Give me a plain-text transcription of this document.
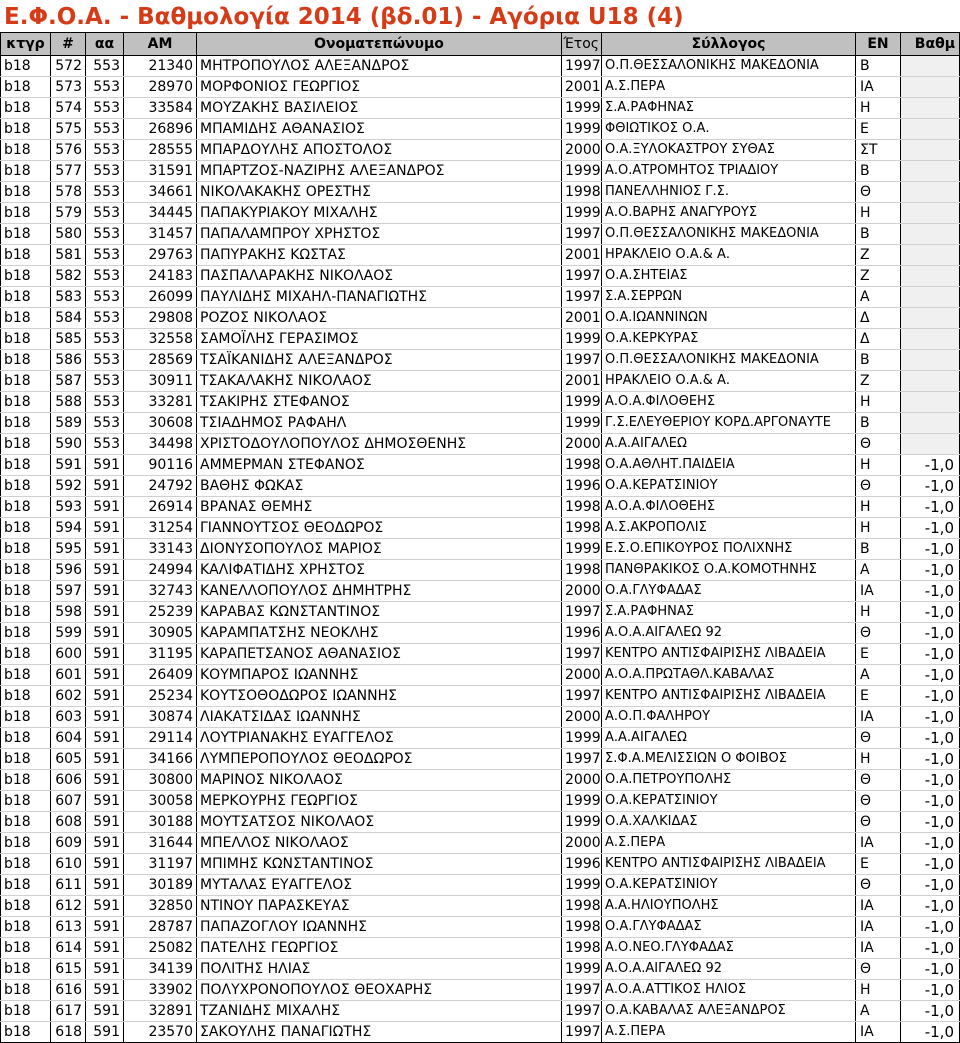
Ε.Φ.Ο.Α. - Βαθμολογία 2014 (βδ.01) - Αγόρια U18 (4)
κτγρ	#	αα	ΑΜ	Ονοματεπώνυμο	Έτος	Σύλλογος	ΕΝ	Βαθμ
b18	572	553	21340	ΜΗΤΡΟΠΟΥΛΟΣ ΑΛΕΞΑΝΔΡΟΣ	1997	Ο.Π.ΘΕΣΣΑΛΟΝΙΚΗΣ ΜΑΚΕΔΟΝΙΑ	Β	
b18	573	553	28970	ΜΟΡΦΟΝΙΟΣ ΓΕΩΡΓΙΟΣ	2001	Α.Σ.ΠΕΡΑ	ΙΑ	
b18	574	553	33584	ΜΟΥΖΑΚΗΣ ΒΑΣΙΛΕΙΟΣ	1999	Σ.Α.ΡΑΦΗΝΑΣ	Η	
b18	575	553	26896	ΜΠΑΜΙΔΗΣ ΑΘΑΝΑΣΙΟΣ	1999	ΦΘΙΩΤΙΚΟΣ Ο.Α.	Ε	
b18	576	553	28555	ΜΠΑΡΔΟΥΛΗΣ ΑΠΟΣΤΟΛΟΣ	2000	Ο.Α.ΞΥΛΟΚΑΣΤΡΟΥ ΣΥΘΑΣ	ΣΤ	
b18	577	553	31591	ΜΠΑΡΤΖΟΣ-ΝΑΖΙΡΗΣ ΑΛΕΞΑΝΔΡΟΣ	1999	Α.Ο.ΑΤΡΟΜΗΤΟΣ ΤΡΙΑΔΙΟΥ	Β	
b18	578	553	34661	ΝΙΚΟΛΑΚΑΚΗΣ ΟΡΕΣΤΗΣ	1998	ΠΑΝΕΛΛΗΝΙΟΣ Γ.Σ.	Θ	
b18	579	553	34445	ΠΑΠΑΚΥΡΙΑΚΟΥ ΜΙΧΑΛΗΣ	1999	Α.Ο.ΒΑΡΗΣ ΑΝΑΓΥΡΟΥΣ	Η	
b18	580	553	31457	ΠΑΠΑΛΑΜΠΡΟΥ ΧΡΗΣΤΟΣ	1997	Ο.Π.ΘΕΣΣΑΛΟΝΙΚΗΣ ΜΑΚΕΔΟΝΙΑ	Β	
b18	581	553	29763	ΠΑΠΥΡΑΚΗΣ ΚΩΣΤΑΣ	2001	ΗΡΑΚΛΕΙΟ Ο.Α.& Α.	Ζ	
b18	582	553	24183	ΠΑΣΠΑΛΑΡΑΚΗΣ ΝΙΚΟΛΑΟΣ	1997	Ο.Α.ΣΗΤΕΙΑΣ	Ζ	
b18	583	553	26099	ΠΑΥΛΙΔΗΣ ΜΙΧΑΗΛ-ΠΑΝΑΓΙΩΤΗΣ	1997	Σ.Α.ΣΕΡΡΩΝ	Α	
b18	584	553	29808	ΡΟΖΟΣ ΝΙΚΟΛΑΟΣ	2001	Ο.Α.ΙΩΑΝΝΙΝΩΝ	Δ	
b18	585	553	32558	ΣΑΜΟΪΛΗΣ ΓΕΡΑΣΙΜΟΣ	1999	Ο.Α.ΚΕΡΚΥΡΑΣ	Δ	
b18	586	553	28569	ΤΣΑΪΚΑΝΙΔΗΣ ΑΛΕΞΑΝΔΡΟΣ	1997	Ο.Π.ΘΕΣΣΑΛΟΝΙΚΗΣ ΜΑΚΕΔΟΝΙΑ	Β	
b18	587	553	30911	ΤΣΑΚΑΛΑΚΗΣ ΝΙΚΟΛΑΟΣ	2001	ΗΡΑΚΛΕΙΟ Ο.Α.& Α.	Ζ	
b18	588	553	33281	ΤΣΑΚΙΡΗΣ ΣΤΕΦΑΝΟΣ	1999	Α.Ο.Α.ΦΙΛΟΘΕΗΣ	Η	
b18	589	553	30608	ΤΣΙΑΔΗΜΟΣ ΡΑΦΑΗΛ	1999	Γ.Σ.ΕΛΕΥΘΕΡΙΟΥ ΚΟΡΔ.ΑΡΓΟΝΑΥΤΕ	Β	
b18	590	553	34498	ΧΡΙΣΤΟΔΟΥΛΟΠΟΥΛΟΣ ΔΗΜΟΣΘΕΝΗΣ	2000	Α.Α.ΑΙΓΑΛΕΩ	Θ	
b18	591	591	90116	ΑΜΜΕΡΜΑΝ ΣΤΕΦΑΝΟΣ	1998	Ο.Α.ΑΘΛΗΤ.ΠΑΙΔΕΙΑ	Η	-1,0
b18	592	591	24792	ΒΑΘΗΣ ΦΩΚΑΣ	1996	Ο.Α.ΚΕΡΑΤΣΙΝΙΟΥ	Θ	-1,0
b18	593	591	26914	ΒΡΑΝΑΣ ΘΕΜΗΣ	1998	Α.Ο.Α.ΦΙΛΟΘΕΗΣ	Η	-1,0
b18	594	591	31254	ΓΙΑΝΝΟΥΤΣΟΣ ΘΕΟΔΩΡΟΣ	1998	Α.Σ.ΑΚΡΟΠΟΛΙΣ	Η	-1,0
b18	595	591	33143	ΔΙΟΝΥΣΟΠΟΥΛΟΣ ΜΑΡΙΟΣ	1999	Ε.Σ.Ο.ΕΠΙΚΟΥΡΟΣ ΠΟΛΙΧΝΗΣ	Β	-1,0
b18	596	591	24994	ΚΑΛΙΦΑΤΙΔΗΣ ΧΡΗΣΤΟΣ	1998	ΠΑΝΘΡΑΚΙΚΟΣ Ο.Α.ΚΟΜΟΤΗΝΗΣ	Α	-1,0
b18	597	591	32743	ΚΑΝΕΛΛΟΠΟΥΛΟΣ ΔΗΜΗΤΡΗΣ	2000	Ο.Α.ΓΛΥΦΑΔΑΣ	ΙΑ	-1,0
b18	598	591	25239	ΚΑΡΑΒΑΣ ΚΩΝΣΤΑΝΤΙΝΟΣ	1997	Σ.Α.ΡΑΦΗΝΑΣ	Η	-1,0
b18	599	591	30905	ΚΑΡΑΜΠΑΤΣΗΣ ΝΕΟΚΛΗΣ	1996	Α.Ο.Α.ΑΙΓΑΛΕΩ 92	Θ	-1,0
b18	600	591	31195	ΚΑΡΑΠΕΤΣΑΝΟΣ ΑΘΑΝΑΣΙΟΣ	1997	ΚΕΝΤΡΟ ΑΝΤΙΣΦΑΙΡΙΣΗΣ ΛΙΒΑΔΕΙΑ	Ε	-1,0
b18	601	591	26409	ΚΟΥΜΠΑΡΟΣ ΙΩΑΝΝΗΣ	2000	Α.Ο.Α.ΠΡΩΤΑΘΛ.ΚΑΒΑΛΑΣ	Α	-1,0
b18	602	591	25234	ΚΟΥΤΣΟΘΟΔΩΡΟΣ ΙΩΑΝΝΗΣ	1997	ΚΕΝΤΡΟ ΑΝΤΙΣΦΑΙΡΙΣΗΣ ΛΙΒΑΔΕΙΑ	Ε	-1,0
b18	603	591	30874	ΛΙΑΚΑΤΣΙΔΑΣ ΙΩΑΝΝΗΣ	2000	Α.Ο.Π.ΦΑΛΗΡΟΥ	ΙΑ	-1,0
b18	604	591	29114	ΛΟΥΤΡΙΑΝΑΚΗΣ ΕΥΑΓΓΕΛΟΣ	1999	Α.Α.ΑΙΓΑΛΕΩ	Θ	-1,0
b18	605	591	34166	ΛΥΜΠΕΡΟΠΟΥΛΟΣ ΘΕΟΔΩΡΟΣ	1997	Σ.Φ.Α.ΜΕΛΙΣΣΙΩΝ Ο ΦΟΙΒΟΣ	Η	-1,0
b18	606	591	30800	ΜΑΡΙΝΟΣ ΝΙΚΟΛΑΟΣ	2000	Ο.Α.ΠΕΤΡΟΥΠΟΛΗΣ	Θ	-1,0
b18	607	591	30058	ΜΕΡΚΟΥΡΗΣ ΓΕΩΡΓΙΟΣ	1999	Ο.Α.ΚΕΡΑΤΣΙΝΙΟΥ	Θ	-1,0
b18	608	591	30188	ΜΟΥΤΣΑΤΣΟΣ ΝΙΚΟΛΑΟΣ	1999	Ο.Α.ΧΑΛΚΙΔΑΣ	Θ	-1,0
b18	609	591	31644	ΜΠΕΛΛΟΣ ΝΙΚΟΛΑΟΣ	2000	Α.Σ.ΠΕΡΑ	ΙΑ	-1,0
b18	610	591	31197	ΜΠΙΜΗΣ ΚΩΝΣΤΑΝΤΙΝΟΣ	1996	ΚΕΝΤΡΟ ΑΝΤΙΣΦΑΙΡΙΣΗΣ ΛΙΒΑΔΕΙΑ	Ε	-1,0
b18	611	591	30189	ΜΥΤΑΛΑΣ ΕΥΑΓΓΕΛΟΣ	1999	Ο.Α.ΚΕΡΑΤΣΙΝΙΟΥ	Θ	-1,0
b18	612	591	32850	ΝΤΙΝΟΥ ΠΑΡΑΣΚΕΥΑΣ	1998	Α.Α.ΗΛΙΟΥΠΟΛΗΣ	ΙΑ	-1,0
b18	613	591	28787	ΠΑΠΑΖΟΓΛΟΥ ΙΩΑΝΝΗΣ	1998	Ο.Α.ΓΛΥΦΑΔΑΣ	ΙΑ	-1,0
b18	614	591	25082	ΠΑΤΕΛΗΣ ΓΕΩΡΓΙΟΣ	1998	Α.Ο.ΝΕΟ.ΓΛΥΦΑΔΑΣ	ΙΑ	-1,0
b18	615	591	34139	ΠΟΛΙΤΗΣ ΗΛΙΑΣ	1999	Α.Ο.Α.ΑΙΓΑΛΕΩ 92	Θ	-1,0
b18	616	591	33902	ΠΟΛΥΧΡΟΝΟΠΟΥΛΟΣ ΘΕΟΧΑΡΗΣ	1997	Α.Ο.Α.ΑΤΤΙΚΟΣ ΗΛΙΟΣ	Η	-1,0
b18	617	591	32891	ΤΖΑΝΙΔΗΣ ΜΙΧΑΛΗΣ	1997	Ο.Α.ΚΑΒΑΛΑΣ ΑΛΕΞΑΝΔΡΟΣ	Α	-1,0
b18	618	591	23570	ΣΑΚΟΥΛΗΣ ΠΑΝΑΓΙΩΤΗΣ	1997	Α.Σ.ΠΕΡΑ	ΙΑ	-1,0
